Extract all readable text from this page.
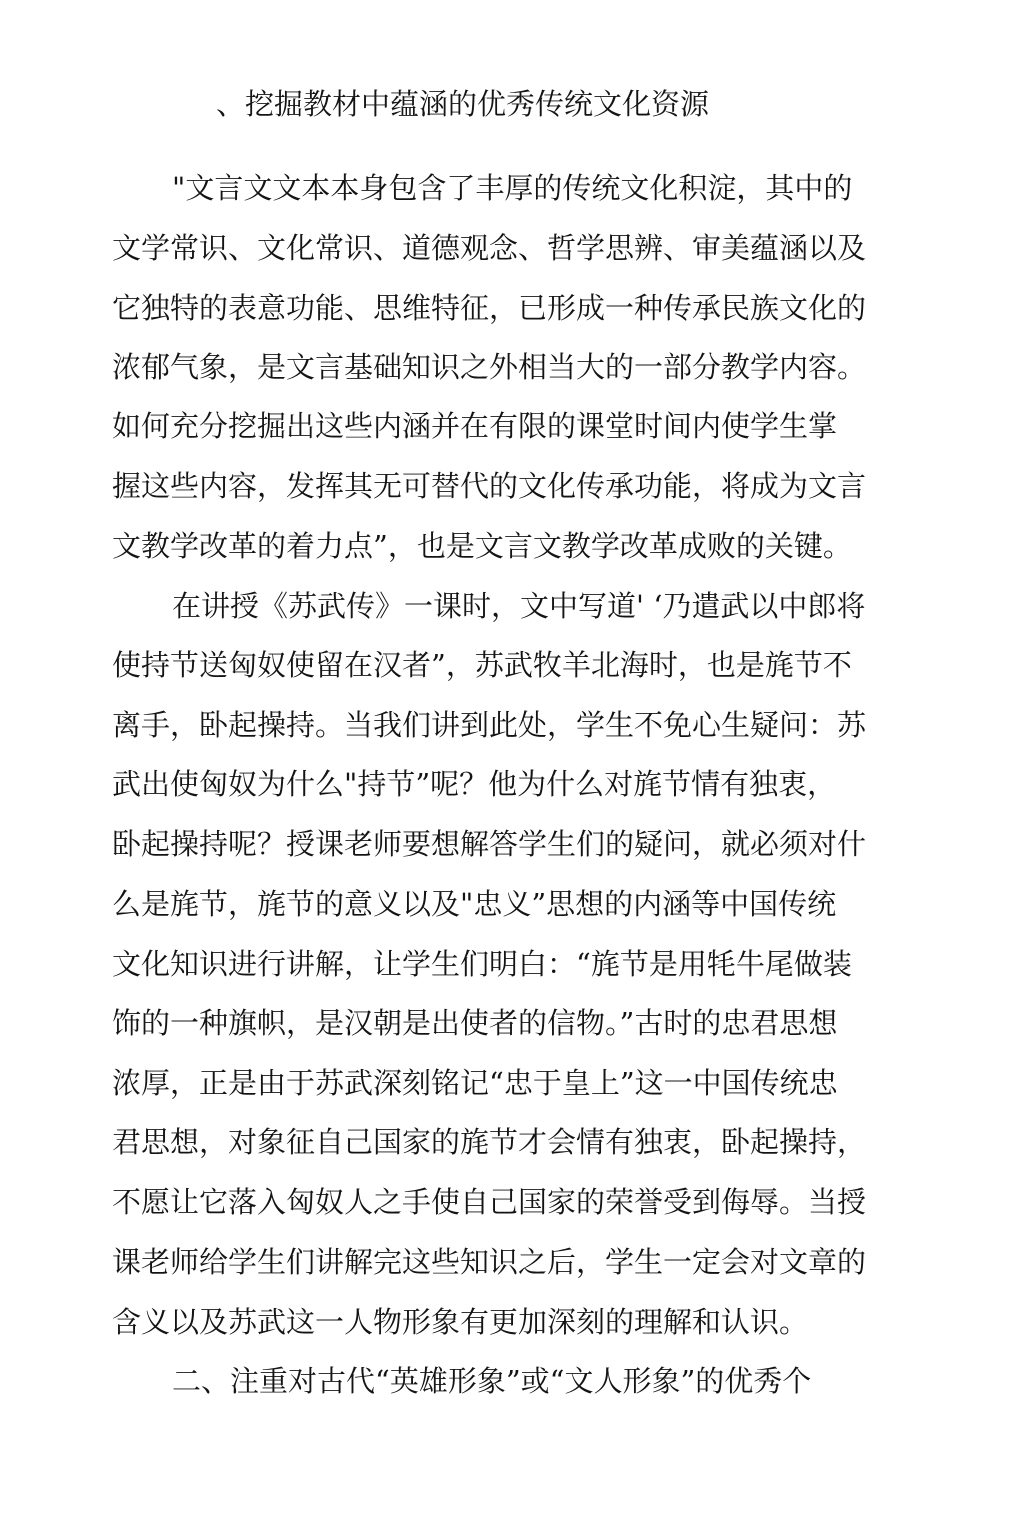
、挖掘教材中蕴涵的优秀传统文化资源
"文言文文本本身包含了丰厚的传统文化积淀，其中的
文学常识、文化常识、道德观念、哲学思辨、审美蕴涵以及
它独特的表意功能、思维特征，已形成一种传承民族文化的
浓郁气象，是文言基础知识之外相当大的一部分教学内容。
如何充分挖掘出这些内涵并在有限的课堂时间内使学生掌
握这些内容，发挥其无可替代的文化传承功能，将成为文言
文教学改革的着力点”，也是文言文教学改革成败的关键。
在讲授《苏武传》一课时，文中写道' ‘乃遣武以中郎将
使持节送匈奴使留在汉者”，苏武牧羊北海时，也是旄节不
离手，卧起操持。当我们讲到此处，学生不免心生疑问：苏
武出使匈奴为什么"持节”呢？他为什么对旄节情有独衷，
卧起操持呢？授课老师要想解答学生们的疑问，就必须对什
么是旄节，旄节的意义以及"忠义”思想的内涵等中国传统
文化知识进行讲解，让学生们明白：“旄节是用牦牛尾做装
饰的一种旗帜，是汉朝是出使者的信物。”古时的忠君思想
浓厚，正是由于苏武深刻铭记“忠于皇上”这一中国传统忠
君思想，对象征自己国家的旄节才会情有独衷，卧起操持，
不愿让它落入匈奴人之手使自己国家的荣誉受到侮辱。当授
课老师给学生们讲解完这些知识之后，学生一定会对文章的
含义以及苏武这一人物形象有更加深刻的理解和认识。
二、注重对古代“英雄形象”或“文人形象”的优秀个
